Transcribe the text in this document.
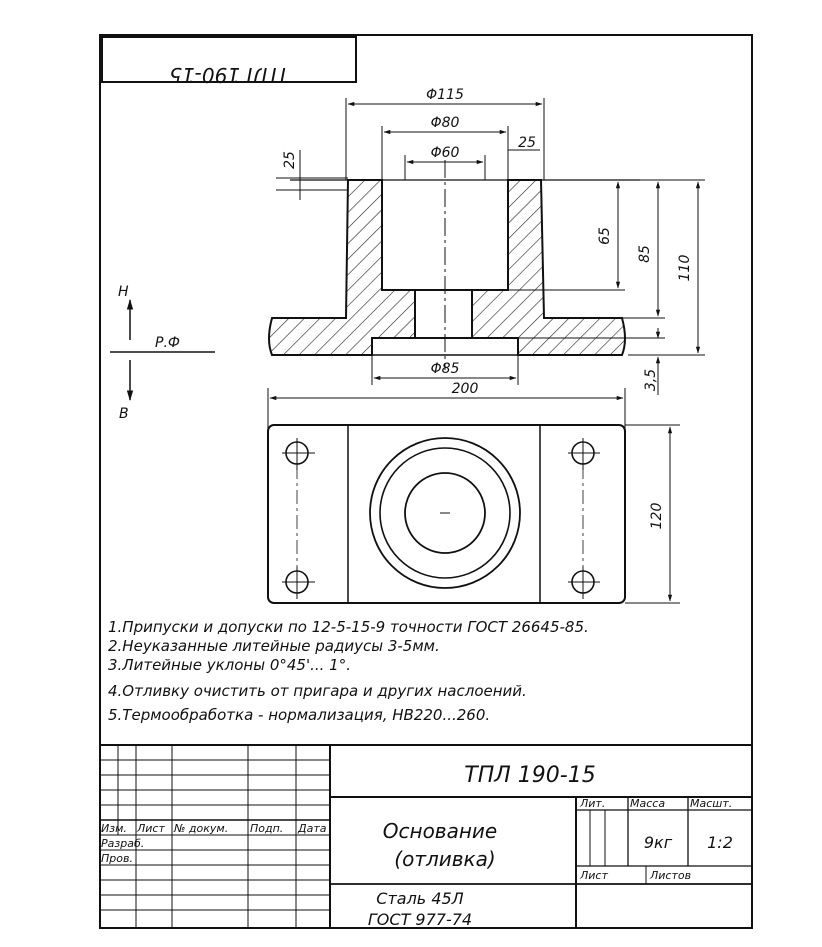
ТПЛ 190-15
Φ115
Φ80
Φ60
25
25
65
85
110
3,5
Φ85
Н
В
Р.Ф
200
120
1.Припуски и допуски по 12-5-15-9 точности ГОСТ 26645-85.
2.Неуказанные литейные радиусы 3-5мм.
3.Литейные уклоны 0°45'... 1°.
4.Отливку очистить от пригара и других наслоений.
5.Термообработка - нормализация, НВ220...260.
ТПЛ 190-15
Основание
(отливка)
Сталь 45Л
ГОСТ 977-74
Лит. Масса Масшт.
9кг 1:2
Лист	Листов
Изм. Лист № докум. Подп. Дата
Разраб.
Пров.
